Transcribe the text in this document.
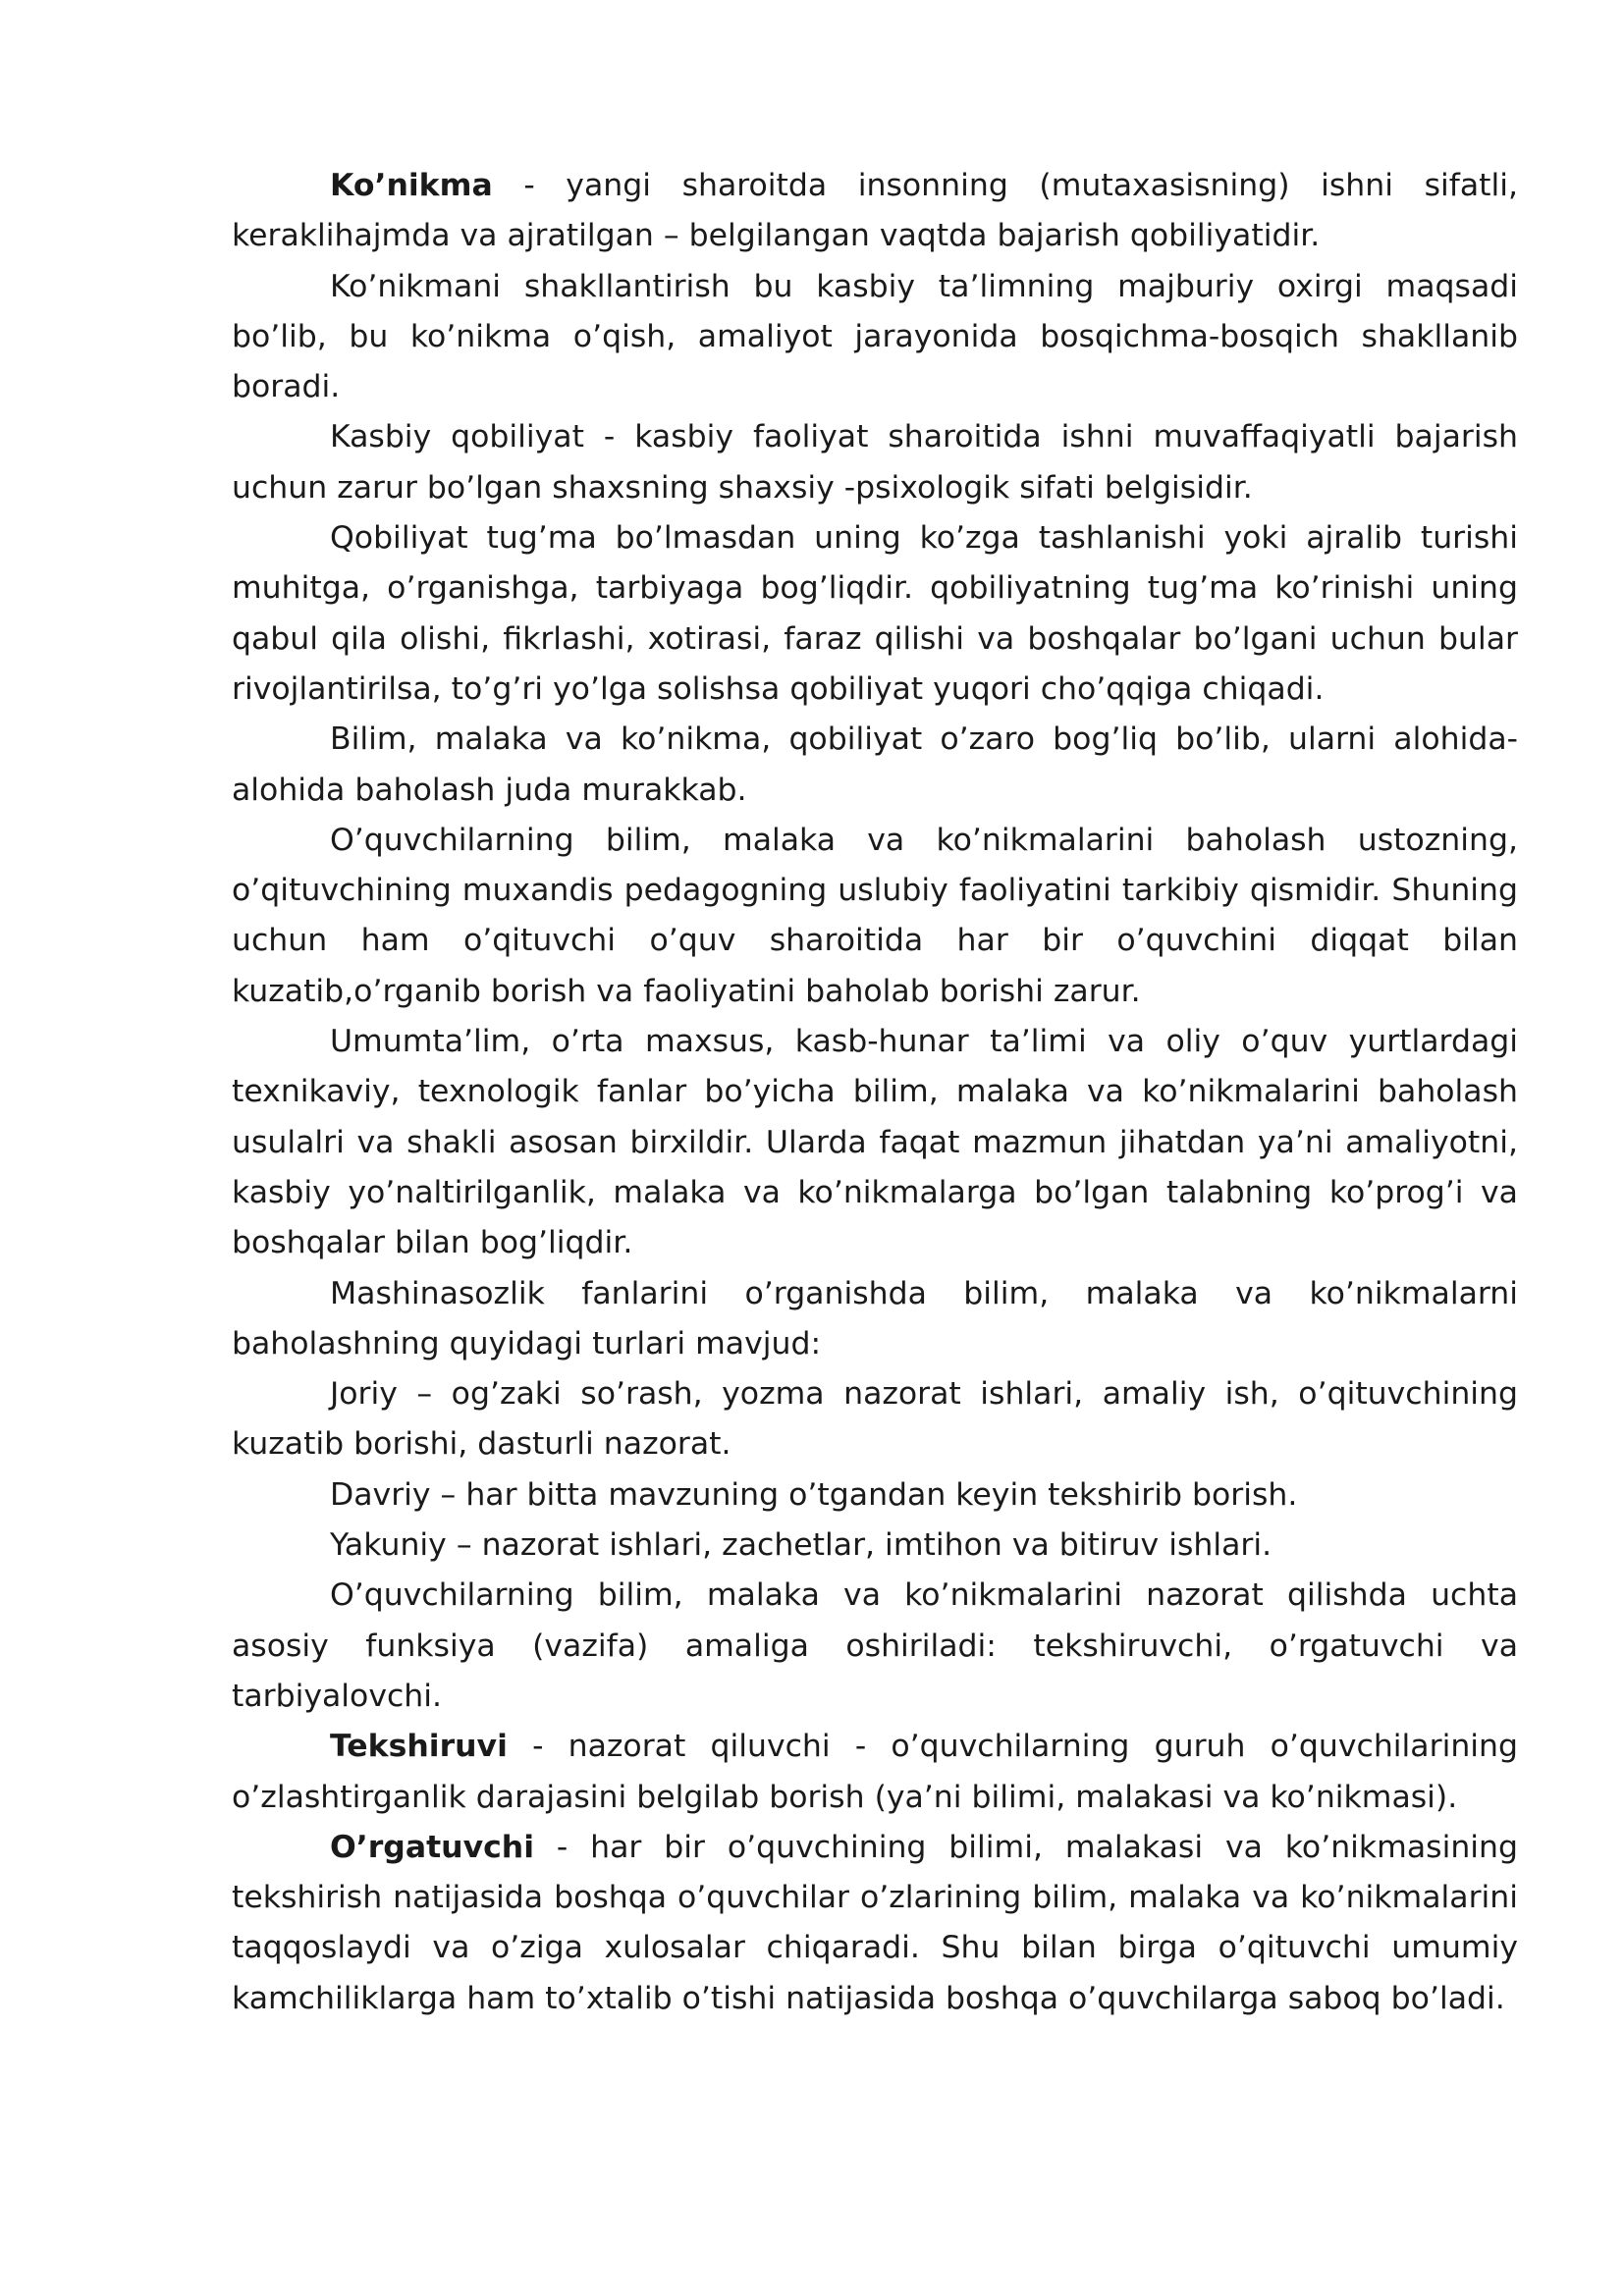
Ko’nikma - yangi sharoitda insonning (mutaxasisning) ishni sifatli, keraklihajmda va ajratilgan – belgilangan vaqtda bajarish qobiliyatidir.

Ko’nikmani shakllantirish bu kasbiy ta’limning majburiy oxirgi maqsadi bo’lib, bu ko’nikma o’qish, amaliyot jarayonida bosqichma-bosqich shakllanib boradi.

Kasbiy qobiliyat - kasbiy faoliyat sharoitida ishni muvaffaqiyatli bajarish uchun zarur bo’lgan shaxsning shaxsiy -psixologik sifati belgisidir.

Qobiliyat tug’ma bo’lmasdan uning ko’zga tashlanishi yoki ajralib turishi muhitga, o’rganishga, tarbiyaga bog’liqdir. qobiliyatning tug’ma ko’rinishi uning qabul qila olishi, fikrlashi, xotirasi, faraz qilishi va boshqalar bo’lgani uchun bular rivojlantirilsa, to’g’ri yo’lga solishsa qobiliyat yuqori cho’qqiga chiqadi.

Bilim, malaka va ko’nikma, qobiliyat o’zaro bog’liq bo’lib, ularni alohida-alohida baholash juda murakkab.

O’quvchilarning bilim, malaka va ko’nikmalarini baholash ustozning, o’qituvchining muxandis pedagogning uslubiy faoliyatini tarkibiy qismidir. Shuning uchun ham o’qituvchi o’quv sharoitida har bir o’quvchini diqqat bilan kuzatib,o’rganib borish va faoliyatini baholab borishi zarur.

Umumta’lim, o’rta maxsus, kasb-hunar ta’limi va oliy o’quv yurtlardagi texnikaviy, texnologik fanlar bo’yicha bilim, malaka va ko’nikmalarini baholash usulalri va shakli asosan birxildir. Ularda faqat mazmun jihatdan ya’ni amaliyotni, kasbiy yo’naltirilganlik, malaka va ko’nikmalarga bo’lgan talabning ko’prog’i va boshqalar bilan bog’liqdir.

Mashinasozlik fanlarini o’rganishda bilim, malaka va ko’nikmalarni baholashning quyidagi turlari mavjud:

Joriy – og’zaki so’rash, yozma nazorat ishlari, amaliy ish, o’qituvchining kuzatib borishi, dasturli nazorat.

Davriy – har bitta mavzuning o’tgandan keyin tekshirib borish.

Yakuniy – nazorat ishlari, zachetlar, imtihon va bitiruv ishlari.

O’quvchilarning bilim, malaka va ko’nikmalarini nazorat qilishda uchta asosiy funksiya (vazifa) amaliga oshiriladi: tekshiruvchi, o’rgatuvchi va tarbiyalovchi.

Tekshiruvi - nazorat qiluvchi - o’quvchilarning guruh o’quvchilarining o’zlashtirganlik darajasini belgilab borish (ya’ni bilimi, malakasi va ko’nikmasi).

O’rgatuvchi - har bir o’quvchining bilimi, malakasi va ko’nikmasining tekshirish natijasida boshqa o’quvchilar o’zlarining bilim, malaka va ko’nikmalarini taqqoslaydi va o’ziga xulosalar chiqaradi. Shu bilan birga o’qituvchi umumiy kamchiliklarga ham to’xtalib o’tishi natijasida boshqa o’quvchilarga saboq bo’ladi.
